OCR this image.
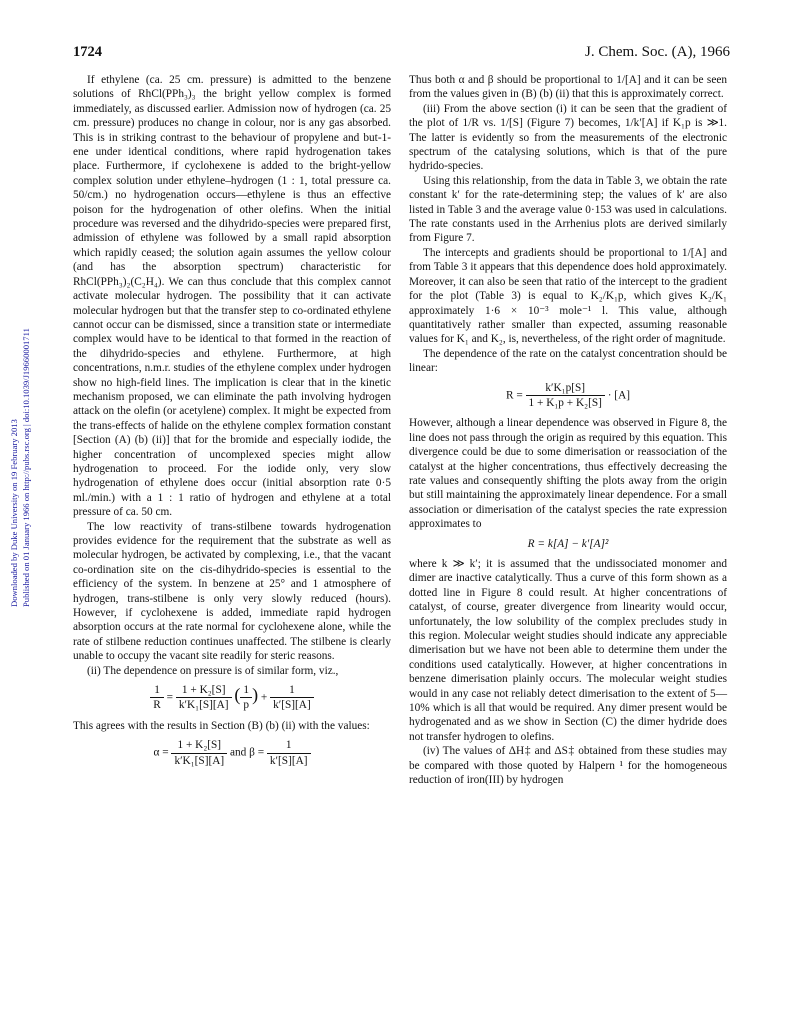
1724	J. Chem. Soc. (A), 1966
Downloaded by Duke University on 19 February 2013 Published on 01 January 1966 on http://pubs.rsc.org | doi:10.1039/J19660001711

If ethylene (ca. 25 cm. pressure) is admitted to the benzene solutions of RhCl(PPh₃)₃ the bright yellow complex is formed immediately, as discussed earlier. Admission now of hydrogen (ca. 25 cm. pressure) produces no change in colour, nor is any gas absorbed. This is in striking contrast to the behaviour of propylene and but-1-ene under identical conditions, where rapid hydrogenation takes place. Furthermore, if cyclohexene is added to the bright-yellow complex solution under ethylene–hydrogen (1 : 1, total pressure ca. 50/cm.) no hydrogenation occurs—ethylene is thus an effective poison for the hydrogenation of other olefins. When the initial procedure was reversed and the dihydrido-species were prepared first, admission of ethylene was followed by a small rapid absorption which rapidly ceased; the solution again assumes the yellow colour (and has the absorption spectrum) characteristic for RhCl(PPh₃)₂(C₂H₄). We can thus conclude that this complex cannot activate molecular hydrogen. The possibility that it can activate molecular hydrogen but that the transfer step to co-ordinated ethylene cannot occur can be dismissed, since a transition state or intermediate complex would have to be identical to that formed in the reaction of the dihydrido-species and ethylene. Furthermore, at high concentrations, n.m.r. studies of the ethylene complex under hydrogen show no high-field lines. The implication is clear that in the kinetic mechanism proposed, we can eliminate the path involving hydrogen attack on the olefin (or acetylene) complex. It might be expected from the trans-effects of halide on the ethylene complex formation constant [Section (A) (b) (ii)] that for the bromide and especially iodide, the higher concentration of uncomplexed species might allow hydrogenation to proceed. For the iodide only, very slow hydrogenation of ethylene does occur (initial absorption rate 0·5 ml./min.) with a 1 : 1 ratio of hydrogen and ethylene at a total pressure of ca. 50 cm.

The low reactivity of trans-stilbene towards hydrogenation provides evidence for the requirement that the substrate as well as molecular hydrogen, be activated by complexing, i.e., that the vacant co-ordination site on the cis-dihydrido-species is essential to the efficiency of the system. In benzene at 25° and 1 atmosphere of hydrogen, trans-stilbene is only very slowly reduced (hours). However, if cyclohexene is added, immediate rapid hydrogen absorption occurs at the rate normal for cyclohexene alone, while the rate of stilbene reduction continues unaffected. The stilbene is clearly unable to occupy the vacant site readily for steric reasons.

(ii) The dependence on pressure is of similar form, viz.,

$\frac{1}{R} = \frac{\text{1 + K₂[S]}}{\text{k′K₁[S][A]}}$ ( $\frac{1}{p}$ ) + $\frac{1}{k'[S][A]}$

This agrees with the results in Section (B) (b) (ii) with the values:

$\alpha = \frac{\text{1 + K₂[S]}}{\text{k′K₁[S][A]}}$ and $\beta = \frac{1}{k'[S][A]}$

Thus both α and β should be proportional to 1/[A] and it can be seen from the values given in (B) (b) (ii) that this is approximately correct.

(iii) From the above section (i) it can be seen that the gradient of the plot of 1/R vs. 1/[S] (Figure 7) becomes, 1/k′[A] if K₁p is ≫1. The latter is evidently so from the measurements of the electronic spectrum of the catalysing solutions, which is that of the pure hydrido-species.

Using this relationship, from the data in Table 3, we obtain the rate constant k′ for the rate-determining step; the values of k′ are also listed in Table 3 and the average value 0·153 was used in calculations. The rate constants used in the Arrhenius plots are derived similarly from Figure 7.

The intercepts and gradients should be proportional to 1/[A] and from Table 3 it appears that this dependence does hold approximately. Moreover, it can also be seen that ratio of the intercept to the gradient for the plot (Table 3) is equal to K₂/K₁p, which gives K₂/K₁ approximately 1·6 × 10⁻³ mole⁻¹ l. This value, although quantitatively rather smaller than expected, assuming reasonable values for K₁ and K₂, is, nevertheless, of the right order of magnitude.

The dependence of the rate on the catalyst concentration should be linear:

$R = \frac{\text{k′K₁p[S]}}{\text{1 + K₁p + K₂[S]}} \cdot [A]$

However, although a linear dependence was observed in Figure 8, the line does not pass through the origin as required by this equation. This divergence could be due to some dimerisation or reassociation of the catalyst at the higher concentrations, thus effectively decreasing the rate values and consequently shifting the plots away from the origin but still maintaining the approximately linear dependence. For a small association or dimerisation of the catalyst species the rate expression approximates to

R = k[A] − k′[A]²

where k ≫ k′; it is assumed that the undissociated monomer and dimer are inactive catalytically. Thus a curve of this form shown as a dotted line in Figure 8 could result. At higher concentrations of catalyst, of course, greater divergence from linearity would occur, unfortunately, the low solubility of the complex precludes study in this region. Molecular weight studies should indicate any appreciable dimerisation but we have not been able to determine them under the conditions used catalytically. However, at higher concentrations in benzene dimerisation plainly occurs. The molecular weight studies would in any case not reliably detect dimerisation to the extent of 5—10% which is all that would be required. Any dimer present would be hydrogenated and as we show in Section (C) the dimer hydride does not transfer hydrogen to olefins.

(iv) The values of ΔH‡ and ΔS‡ obtained from these studies may be compared with those quoted by Halpern ¹ for the homogeneous reduction of iron(III) by hydrogen
